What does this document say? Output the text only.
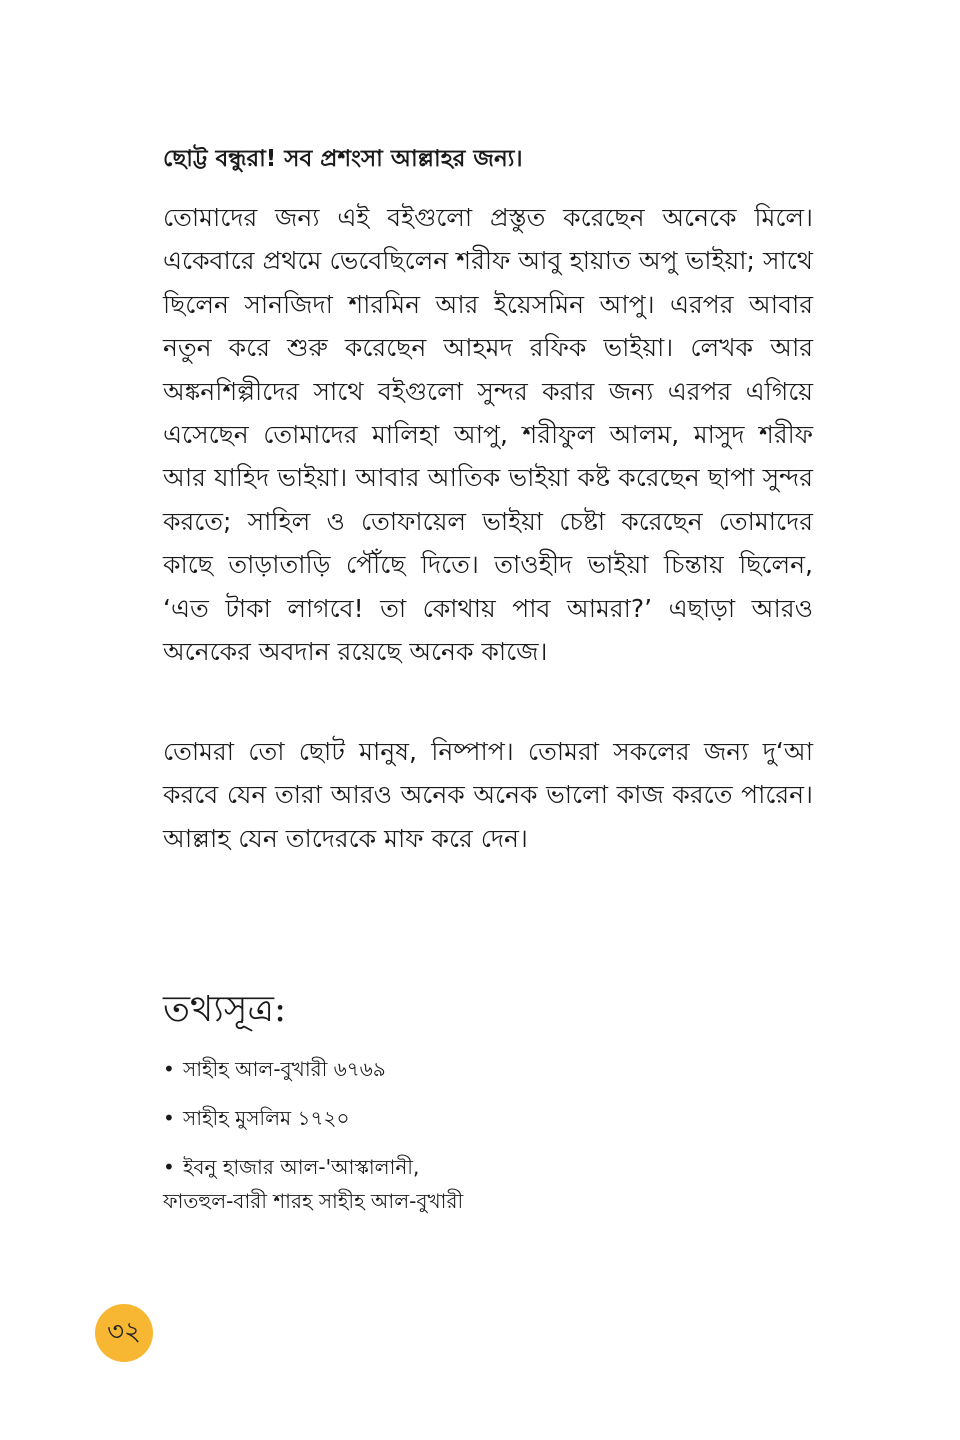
ছোট্ট বন্ধুরা! সব প্রশংসা আল্লাহর জন্য।

তোমাদের জন্য এই বইগুলো প্রস্তুত করেছেন অনেকে মিলে। একেবারে প্রথমে ভেবেছিলেন শরীফ আবু হায়াত অপু ভাইয়া; সাথে ছিলেন সানজিদা শারমিন আর ইয়েসমিন আপু। এরপর আবার নতুন করে শুরু করেছেন আহমদ রফিক ভাইয়া। লেখক আর অঙ্কনশিল্পীদের সাথে বইগুলো সুন্দর করার জন্য এরপর এগিয়ে এসেছেন তোমাদের মালিহা আপু, শরীফুল আলম, মাসুদ শরীফ আর যাহিদ ভাইয়া। আবার আতিক ভাইয়া কষ্ট করেছেন ছাপা সুন্দর করতে; সাহিল ও তোফায়েল ভাইয়া চেষ্টা করেছেন তোমাদের কাছে তাড়াতাড়ি পৌঁছে দিতে। তাওহীদ ভাইয়া চিন্তায় ছিলেন, ‘এত টাকা লাগবে! তা কোথায় পাব আমরা?’ এছাড়া আরও অনেকের অবদান রয়েছে অনেক কাজে।

তোমরা তো ছোট মানুষ, নিষ্পাপ। তোমরা সকলের জন্য দু‘আ করবে যেন তারা আরও অনেক অনেক ভালো কাজ করতে পারেন। আল্লাহ যেন তাদেরকে মাফ করে দেন।

তথ্যসূত্র:
• সাহীহ আল-বুখারী ৬৭৬৯
• সাহীহ মুসলিম ১৭২০
• ইবনু হাজার আল-'আস্কালানী,
ফাতহুল-বারী শারহ সাহীহ আল-বুখারী
৩২
